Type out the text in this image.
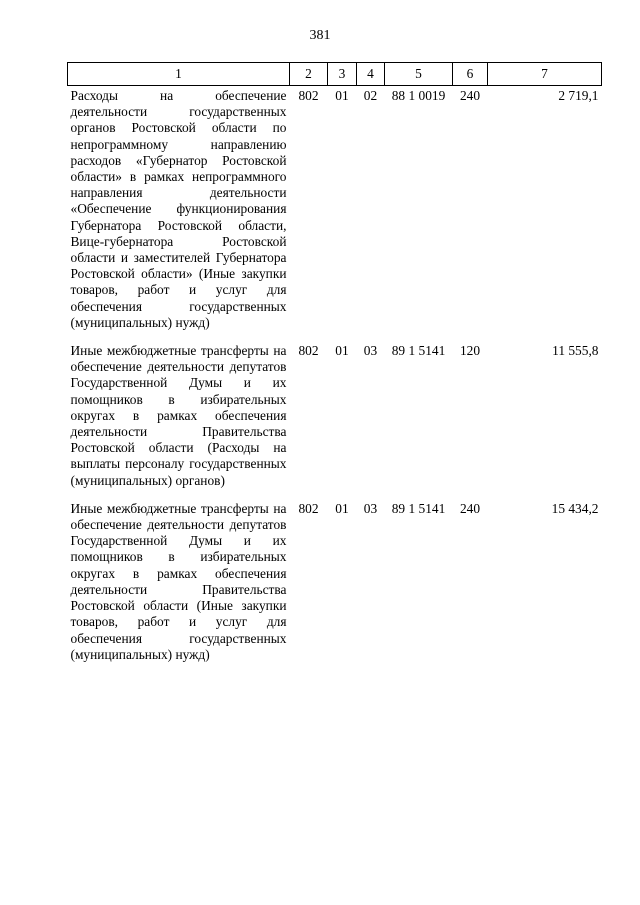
381
1	2	3	4	5	6	7
Расходы на обеспечение деятельности государственных органов Ростовской области по непрограммному направлению расходов «Губернатор Ростовской области» в рамках непрограммного направления деятельности «Обеспечение функционирования Губернатора Ростовской области, Вице-губернатора Ростовской области и заместителей Губернатора Ростовской области» (Иные закупки товаров, работ и услуг для обеспечения государственных (муниципальных) нужд)	802	01	02	88 1 0019	240	2 719,1
Иные межбюджетные трансферты на обеспечение деятельности депутатов Государственной Думы и их помощников в избирательных округах в рамках обеспечения деятельности Правительства Ростовской области (Расходы на выплаты персоналу государственных (муниципальных) органов)	802	01	03	89 1 5141	120	11 555,8
Иные межбюджетные трансферты на обеспечение деятельности депутатов Государственной Думы и их помощников в избирательных округах в рамках обеспечения деятельности Правительства Ростовской области (Иные закупки товаров, работ и услуг для обеспечения государственных (муниципальных) нужд)	802	01	03	89 1 5141	240	15 434,2
